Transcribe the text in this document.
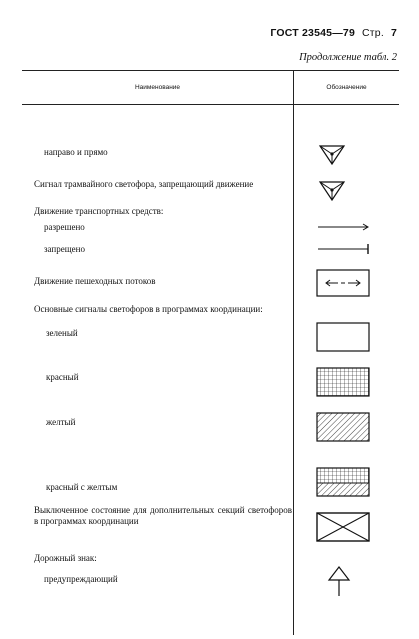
ГОСТ 23545—79 Стр. 7
Продолжение табл. 2
Наименование	Обозначение
направо и прямо
Сигнал трамвайного светофора, запрещающий движение
Движение транспортных средств:
разрешено
запрещено
Движение пешеходных потоков
Основные сигналы светофоров в программах координации:
зеленый
красный
желтый
красный с желтым
Выключенное состояние для дополнительных секций светофоров в программах координации
Дорожный знак:
предупреждающий
